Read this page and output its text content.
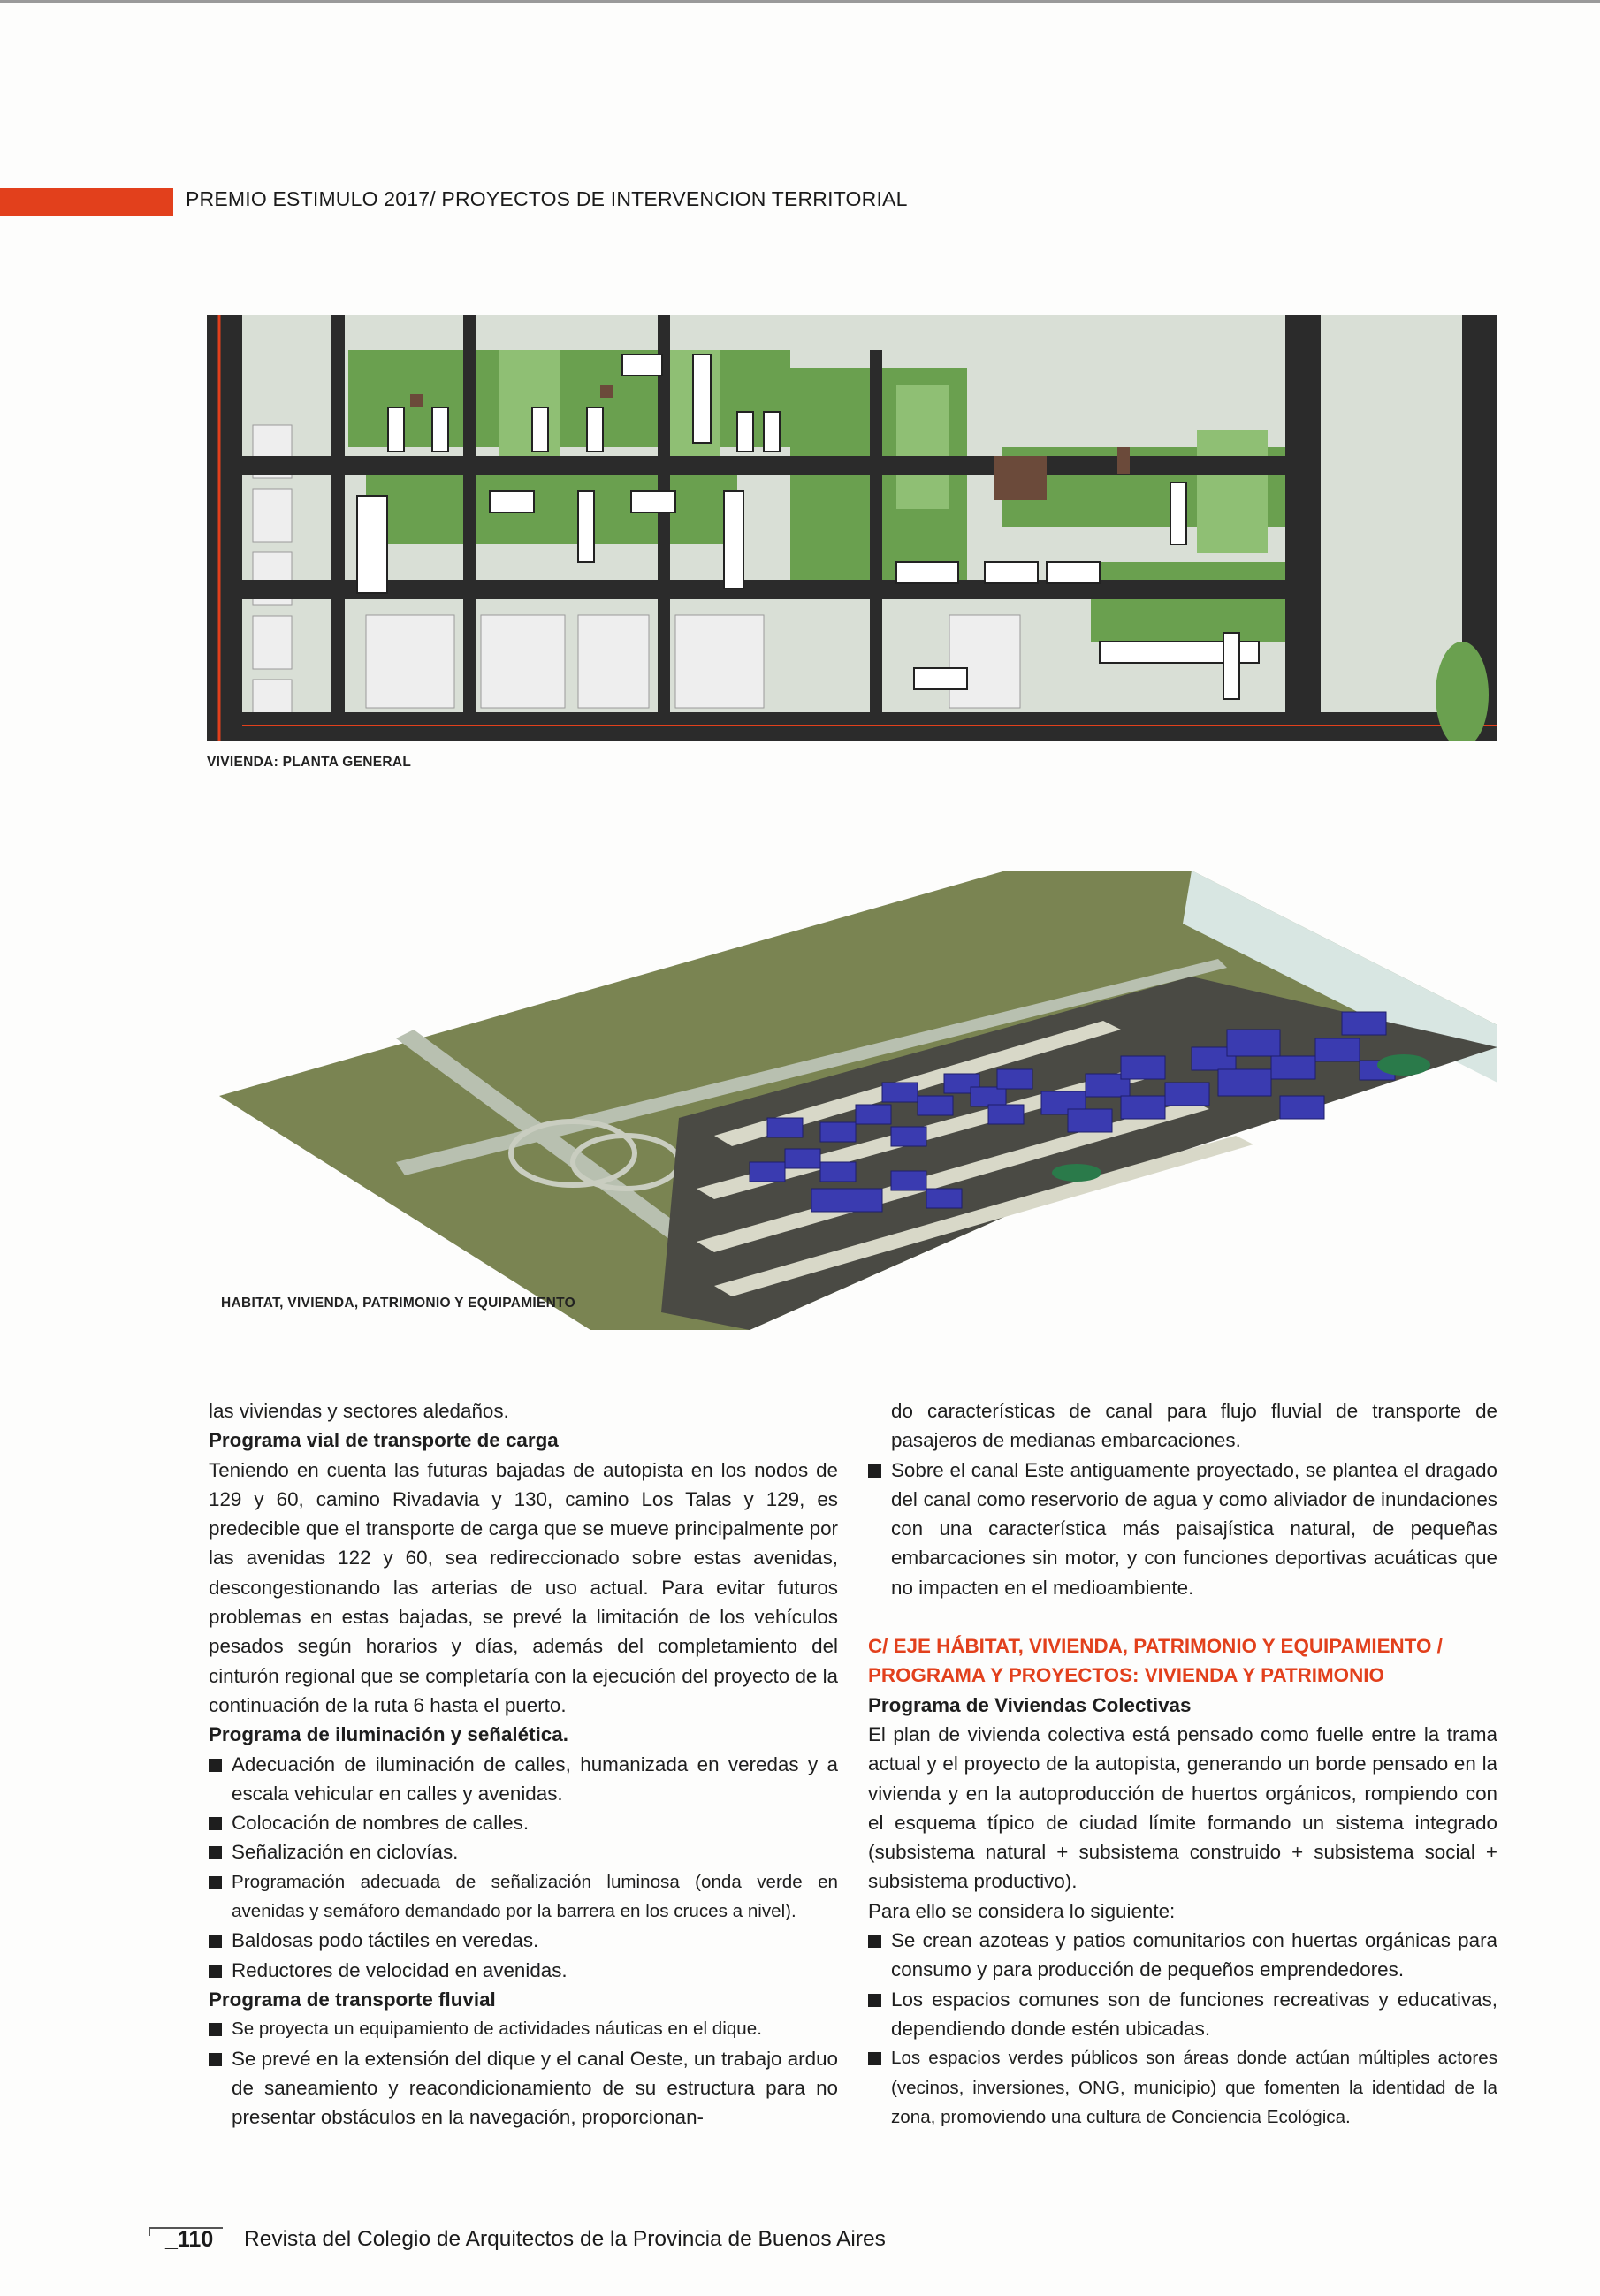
PREMIO ESTIMULO 2017/ PROYECTOS DE INTERVENCION TERRITORIAL
VIVIENDA: PLANTA GENERAL
HABITAT, VIVIENDA, PATRIMONIO Y EQUIPAMIENTO

las viviendas y sectores aledaños.

Programa vial de transporte de carga

Teniendo en cuenta las futuras bajadas de autopista en los nodos de 129 y 60, camino Rivadavia y 130, camino Los Talas y 129, es predecible que el transporte de carga que se mueve principalmente por las avenidas 122 y 60, sea redireccionado sobre estas avenidas, descongestionando las arterias de uso actual. Para evitar futuros problemas en estas bajadas, se prevé la limitación de los vehículos pesados según horarios y días, además del completamiento del cinturón regional que se completaría con la ejecución del proyecto de la continuación de la ruta 6 hasta el puerto.

Programa de iluminación y señalética.

Adecuación de iluminación de calles, humanizada en veredas y a escala vehicular en calles y avenidas.
Colocación de nombres de calles.
Señalización en ciclovías.
Programación adecuada de señalización luminosa (onda verde en avenidas y semáforo demandado por la barrera en los cruces a nivel).
Baldosas podo táctiles en veredas.
Reductores de velocidad en avenidas.

Programa de transporte fluvial

Se proyecta un equipamiento de actividades náuticas en el dique.
Se prevé en la extensión del dique y el canal Oeste, un trabajo arduo de saneamiento y reacondicionamiento de su estructura para no presentar obstáculos en la navegación, proporcionan-

do características de canal para flujo fluvial de transporte de pasajeros de medianas embarcaciones.

Sobre el canal Este antiguamente proyectado, se plantea el dragado del canal como reservorio de agua y como aliviador de inundaciones con una característica más paisajística natural, de pequeñas embarcaciones sin motor, y con funciones deportivas acuáticas que no impacten en el medioambiente.

C/ EJE HÁBITAT, VIVIENDA, PATRIMONIO Y EQUIPAMIENTO / PROGRAMA Y PROYECTOS: VIVIENDA Y PATRIMONIO

Programa de Viviendas Colectivas

El plan de vivienda colectiva está pensado como fuelle entre la trama actual y el proyecto de la autopista, generando un borde pensado en la vivienda y en la autoproducción de huertos orgánicos, rompiendo con el esquema típico de ciudad límite formando un sistema integrado (subsistema natural + subsistema construido + subsistema social + subsistema productivo).

Para ello se considera lo siguiente:

Se crean azoteas y patios comunitarios con huertas orgánicas para consumo y para producción de pequeños emprendedores.
Los espacios comunes son de funciones recreativas y educativas, dependiendo donde estén ubicadas.
Los espacios verdes públicos son áreas donde actúan múltiples actores (vecinos, inversiones, ONG, municipio) que fomenten la identidad de la zona, promoviendo una cultura de Conciencia Ecológica.
_110 Revista del Colegio de Arquitectos de la Provincia de Buenos Aires
